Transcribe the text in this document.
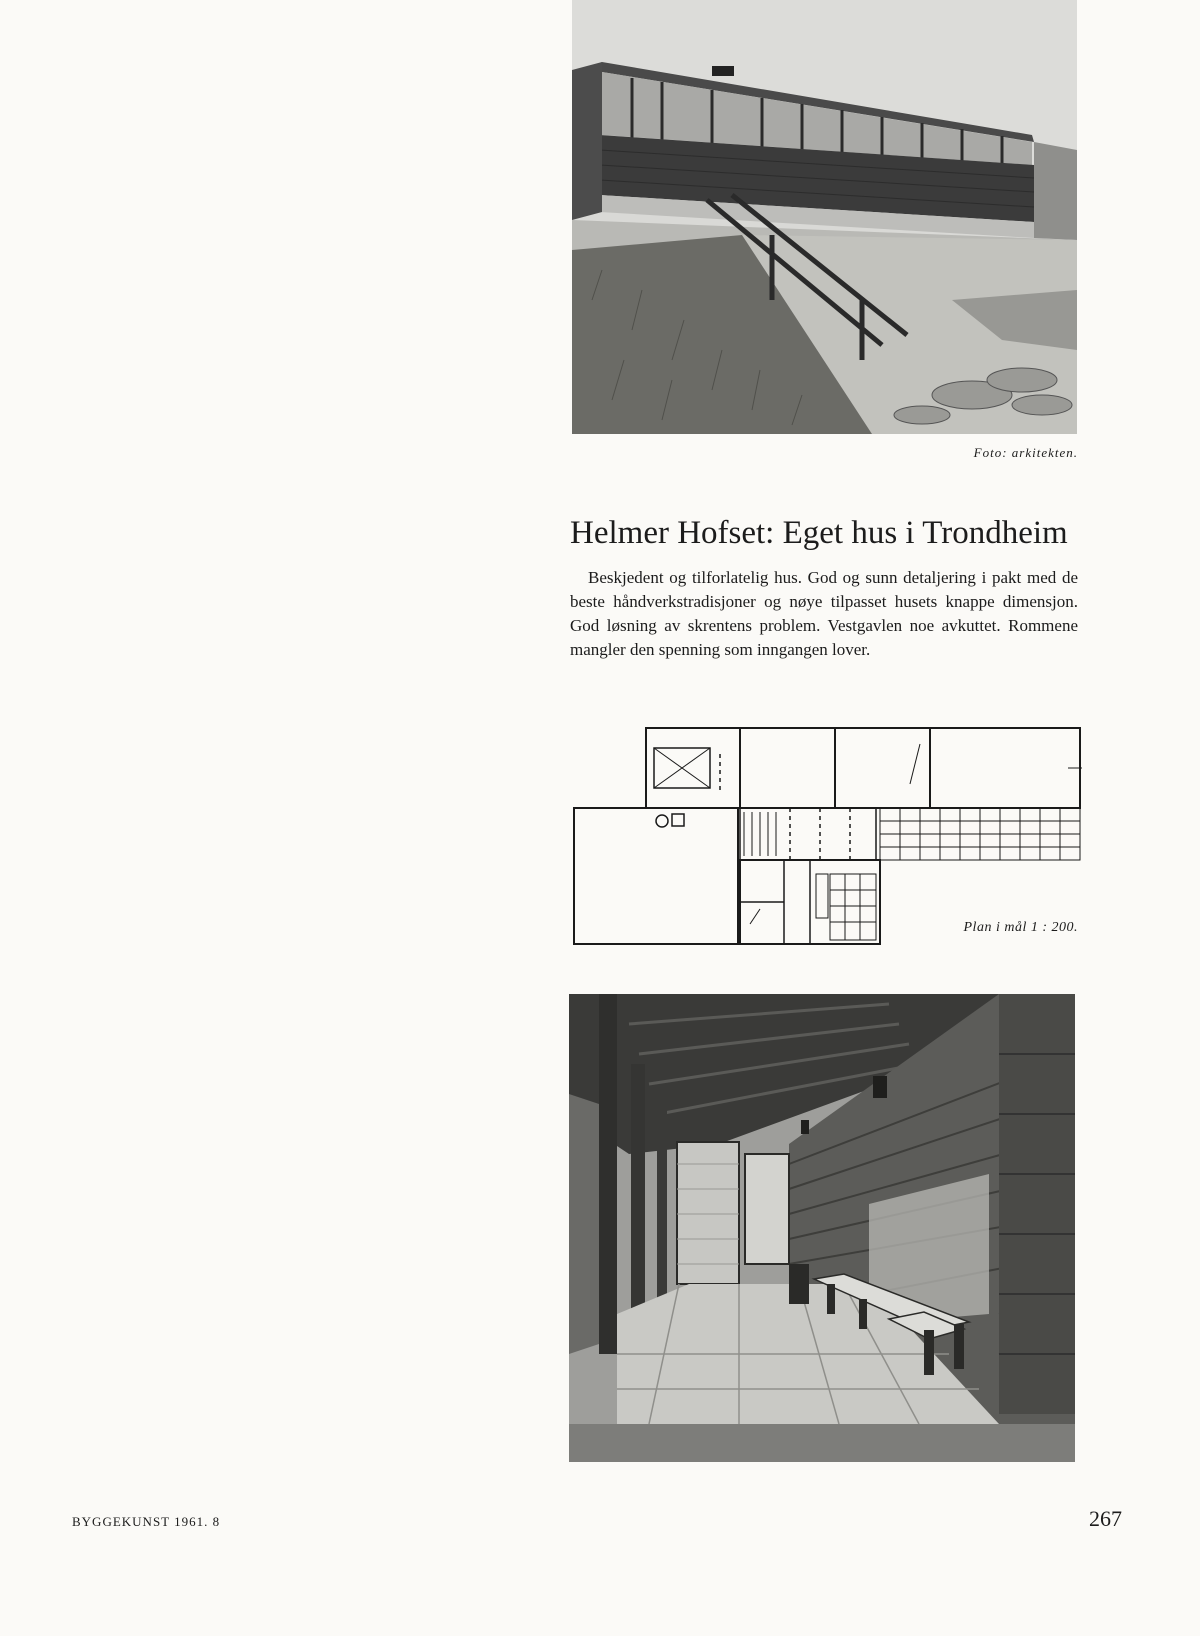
Foto: arkitekten.
Helmer Hofset: Eget hus i Trondheim

Beskjedent og tilforlatelig hus. God og sunn detaljering i pakt med de beste håndverkstradisjoner og nøye tilpasset husets knappe dimensjon. God løsning av skrentens problem. Vestgavlen noe avkuttet. Rommene mangler den spenning som inngangen lover.

Plan i mål 1 : 200.
BYGGEKUNST 1961. 8	267
